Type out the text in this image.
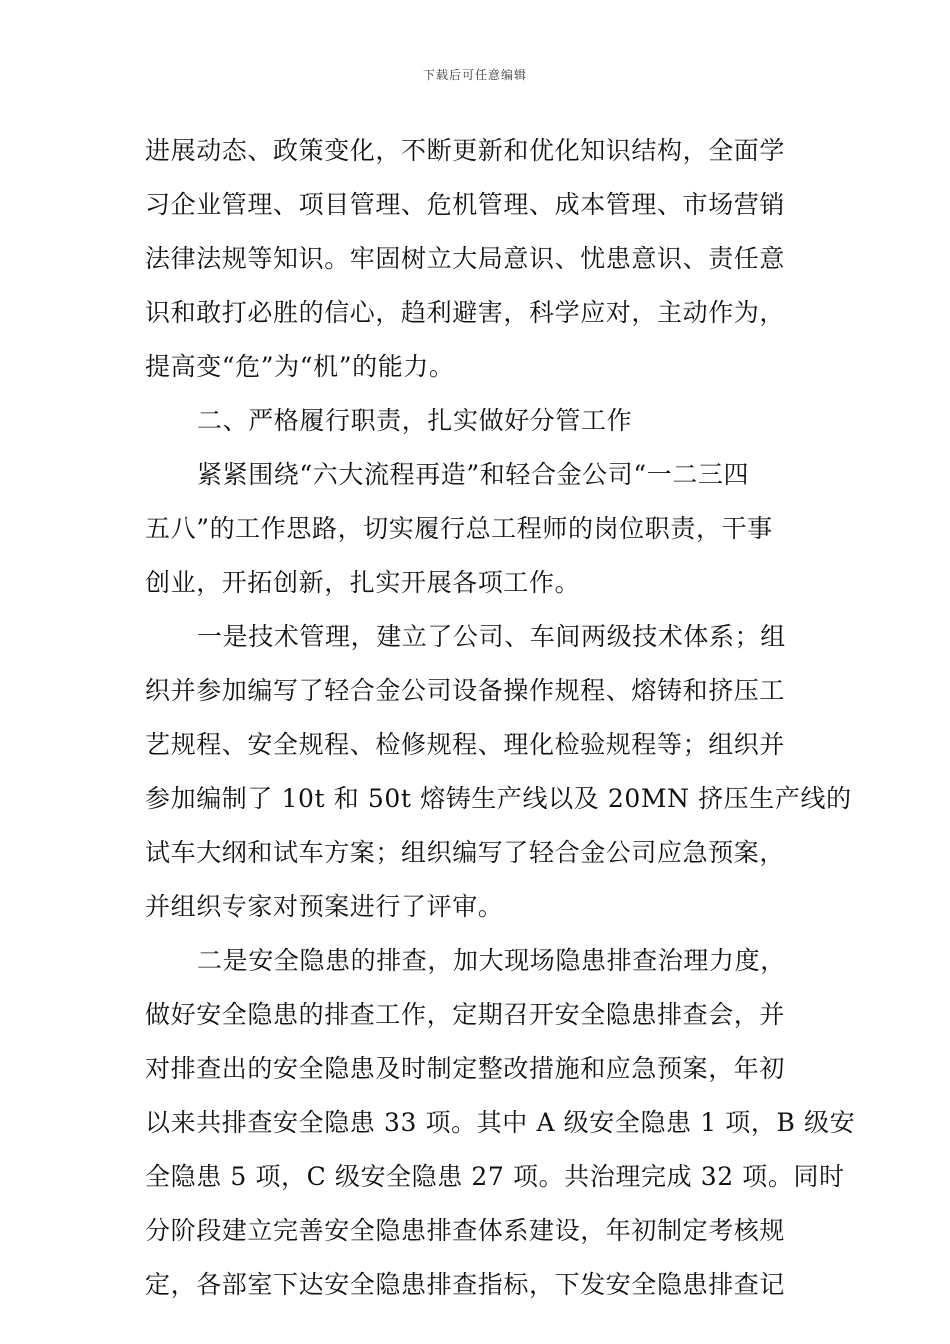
下载后可任意编辑
进展动态、政策变化，不断更新和优化知识结构，全面学
习企业管理、项目管理、危机管理、成本管理、市场营销
法律法规等知识。牢固树立大局意识、忧患意识、责任意
识和敢打必胜的信心，趋利避害，科学应对，主动作为，
提高变“危”为“机”的能力。
二、严格履行职责，扎实做好分管工作
紧紧围绕“六大流程再造”和轻合金公司“一二三四
五八”的工作思路，切实履行总工程师的岗位职责，干事
创业，开拓创新，扎实开展各项工作。
一是技术管理，建立了公司、车间两级技术体系；组
织并参加编写了轻合金公司设备操作规程、熔铸和挤压工
艺规程、安全规程、检修规程、理化检验规程等；组织并
参加编制了 10t 和 50t 熔铸生产线以及 20MN 挤压生产线的
试车大纲和试车方案；组织编写了轻合金公司应急预案，
并组织专家对预案进行了评审。
二是安全隐患的排查，加大现场隐患排查治理力度，
做好安全隐患的排查工作，定期召开安全隐患排查会，并
对排查出的安全隐患及时制定整改措施和应急预案，年初
以来共排查安全隐患 33 项。其中 A 级安全隐患 1 项，B 级安
全隐患 5 项，C 级安全隐患 27 项。共治理完成 32 项。同时
分阶段建立完善安全隐患排查体系建设，年初制定考核规
定，各部室下达安全隐患排查指标，下发安全隐患排查记
